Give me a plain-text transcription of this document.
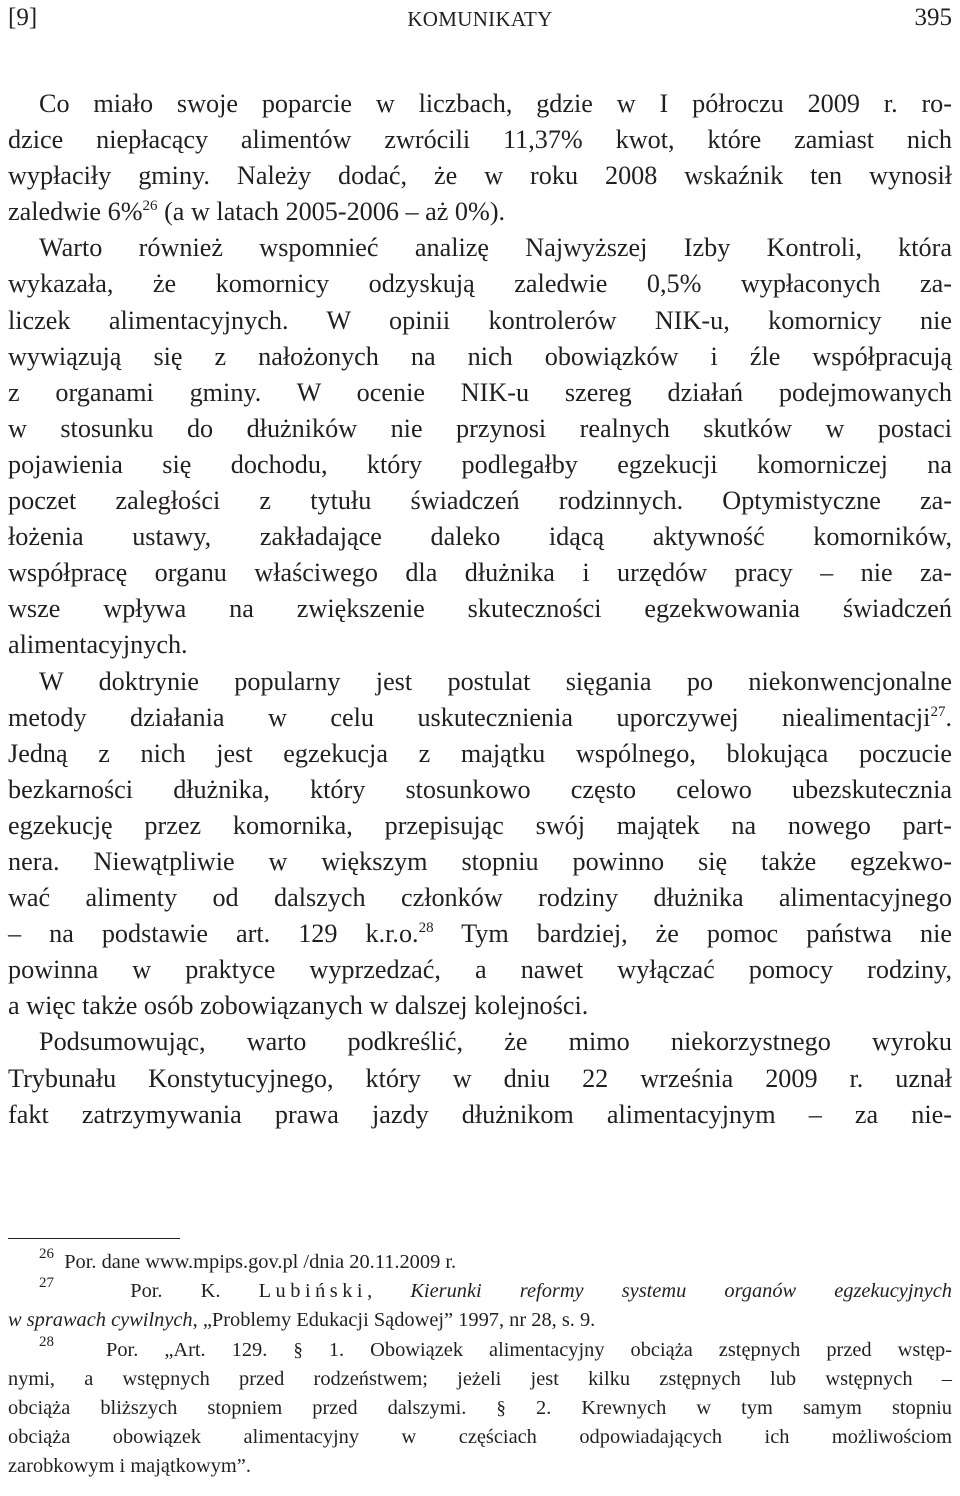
[9]	KOMUNIKATY	395
Co miało swoje poparcie w liczbach, gdzie w I półroczu 2009 r. ro-
dzice niepłacący alimentów zwrócili 11,37% kwot, które zamiast nich
wypłaciły gminy. Należy dodać, że w roku 2008 wskaźnik ten wynosił
zaledwie 6%$^{26}$ (a w latach 2005-2006 – aż 0%).
Warto również wspomnieć analizę Najwyższej Izby Kontroli, która
wykazała, że komornicy odzyskują zaledwie 0,5% wypłaconych za-
liczek alimentacyjnych. W opinii kontrolerów NIK-u, komornicy nie
wywiązują się z nałożonych na nich obowiązków i źle współpracują
z organami gminy. W ocenie NIK-u szereg działań podejmowanych
w stosunku do dłużników nie przynosi realnych skutków w postaci
pojawienia się dochodu, który podlegałby egzekucji komorniczej na
poczet zaległości z tytułu świadczeń rodzinnych. Optymistyczne za-
łożenia ustawy, zakładające daleko idącą aktywność komorników,
współpracę organu właściwego dla dłużnika i urzędów pracy – nie za-
wsze wpływa na zwiększenie skuteczności egzekwowania świadczeń
alimentacyjnych.
W doktrynie popularny jest postulat sięgania po niekonwencjonalne
metody działania w celu uskutecznienia uporczywej niealimentacji$^{27}$.
Jedną z nich jest egzekucja z majątku wspólnego, blokująca poczucie
bezkarności dłużnika, który stosunkowo często celowo ubezskutecznia
egzekucję przez komornika, przepisując swój majątek na nowego part-
nera. Niewątpliwie w większym stopniu powinno się także egzekwo-
wać alimenty od dalszych członków rodziny dłużnika alimentacyjnego
– na podstawie art. 129 k.r.o.$^{28}$ Tym bardziej, że pomoc państwa nie
powinna w praktyce wyprzedzać, a nawet wyłączać pomocy rodziny,
a więc także osób zobowiązanych w dalszej kolejności.
Podsumowując, warto podkreślić, że mimo niekorzystnego wyroku
Trybunału Konstytucyjnego, który w dniu 22 września 2009 r. uznał
fakt zatrzymywania prawa jazdy dłużnikom alimentacyjnym – za nie-
$^{26}$ Por. dane www.mpips.gov.pl /dnia 20.11.2009 r.
$^{27}$	Por. K. Lubiński, Kierunki reformy systemu organów egzekucyjnych
w sprawach cywilnych, „Problemy Edukacji Sądowej” 1997, nr 28, s. 9.
$^{28}$	Por. „Art. 129. § 1. Obowiązek alimentacyjny obciąża zstępnych przed wstęp-
nymi, a wstępnych przed rodzeństwem; jeżeli jest kilku zstępnych lub wstępnych –
obciąża bliższych stopniem przed dalszymi. § 2. Krewnych w tym samym stopniu
obciąża obowiązek alimentacyjny w częściach odpowiadających ich możliwościom
zarobkowym i majątkowym”.
